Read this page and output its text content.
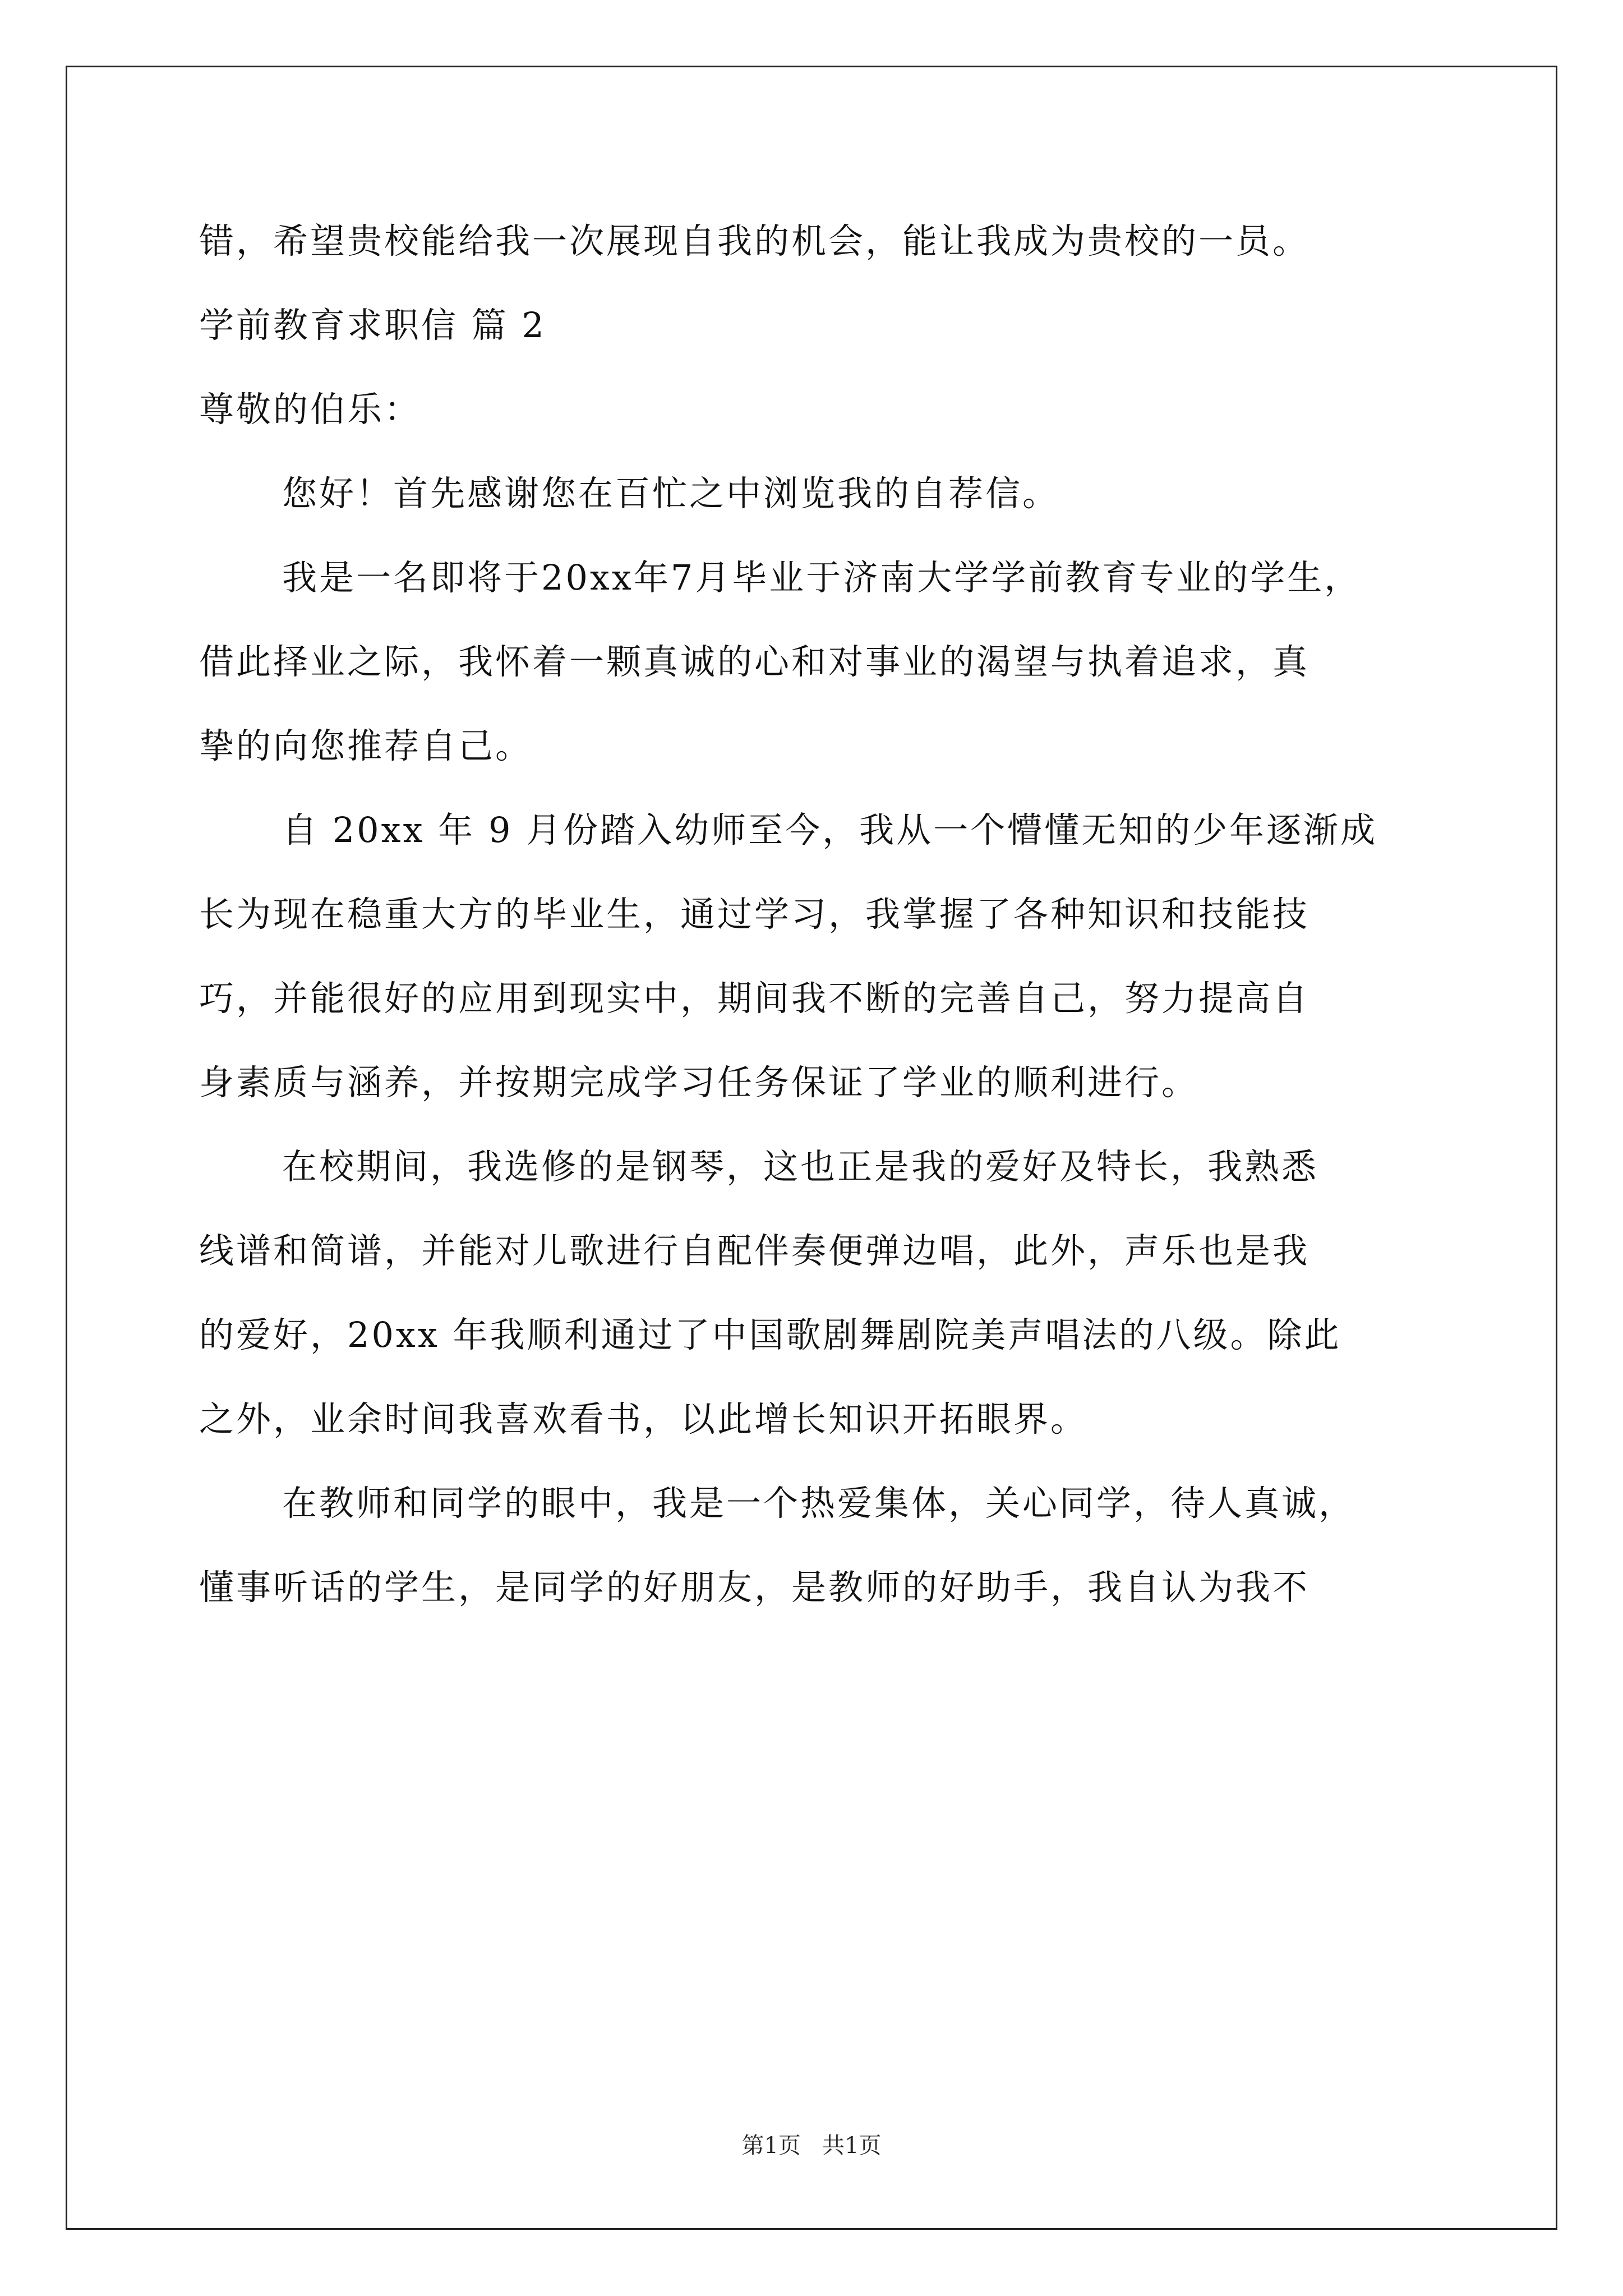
错，希望贵校能给我一次展现自我的机会，能让我成为贵校的一员。
学前教育求职信 篇 2
尊敬的伯乐：
您好！首先感谢您在百忙之中浏览我的自荐信。
我是一名即将于20xx年7月毕业于济南大学学前教育专业的学生，
借此择业之际，我怀着一颗真诚的心和对事业的渴望与执着追求，真
挚的向您推荐自己。
自 20xx 年 9 月份踏入幼师至今，我从一个懵懂无知的少年逐渐成
长为现在稳重大方的毕业生，通过学习，我掌握了各种知识和技能技
巧，并能很好的应用到现实中，期间我不断的完善自己，努力提高自
身素质与涵养，并按期完成学习任务保证了学业的顺利进行。
在校期间，我选修的是钢琴，这也正是我的爱好及特长，我熟悉
线谱和简谱，并能对儿歌进行自配伴奏便弹边唱，此外，声乐也是我
的爱好，20xx 年我顺利通过了中国歌剧舞剧院美声唱法的八级。除此
之外，业余时间我喜欢看书，以此增长知识开拓眼界。
在教师和同学的眼中，我是一个热爱集体，关心同学，待人真诚，
懂事听话的学生，是同学的好朋友，是教师的好助手，我自认为我不
第1页   共1页
